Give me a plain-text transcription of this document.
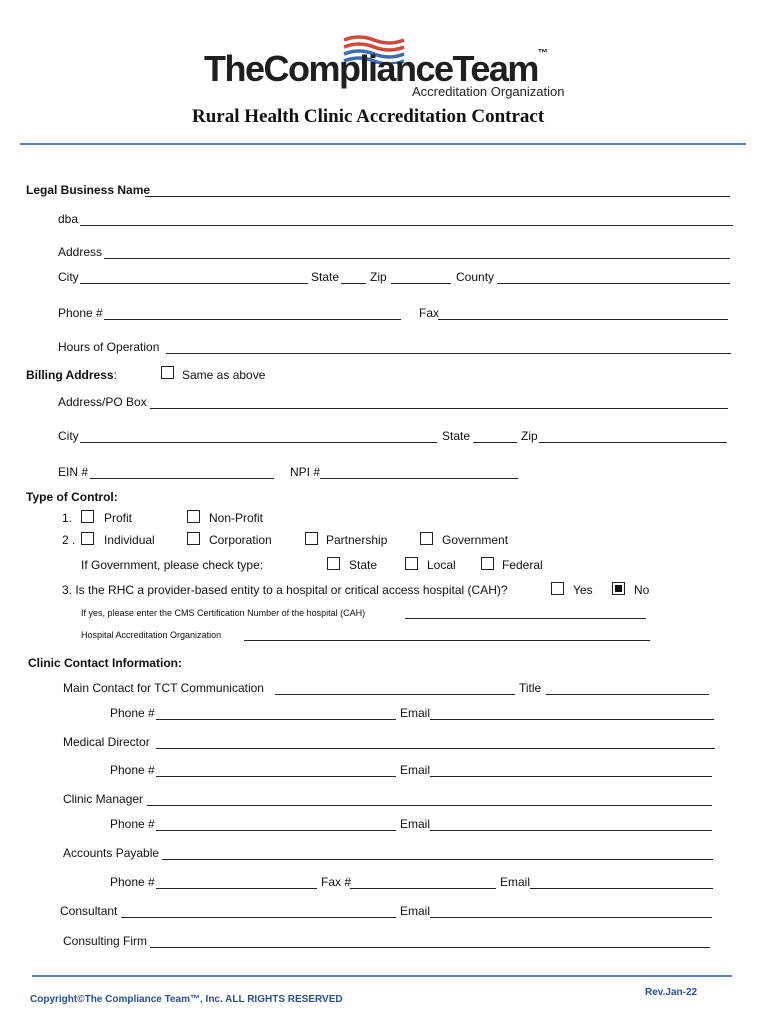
TheComplianceTeam™
Accreditation Organization
Rural Health Clinic Accreditation Contract
Legal Business Name
dba
Address
City	State	Zip	County
Phone #	Fax
Hours of Operation
Billing Address:	Same as above
Address/PO Box
City	State	Zip
EIN #	NPI #
Type of Control:
1.	Profit	Non-Profit
2 . Individual	Corporation	Partnership	Government
If Government, please check type:	State	Local	Federal
3. Is the RHC a provider-based entity to a hospital or critical access hospital (CAH)?	Yes	No
If yes, please enter the CMS Certification Number of the hospital (CAH)
Hospital Accreditation Organization
Clinic Contact Information:
Main Contact for TCT Communication	Title
Phone #	Email
Medical Director
Phone #	Email
Clinic Manager
Phone #	Email
Accounts Payable
Phone #	Fax #	Email
Consultant	Email
Consulting Firm
Copyright©The Compliance Team™, Inc. ALL RIGHTS RESERVED
Rev.Jan-22
